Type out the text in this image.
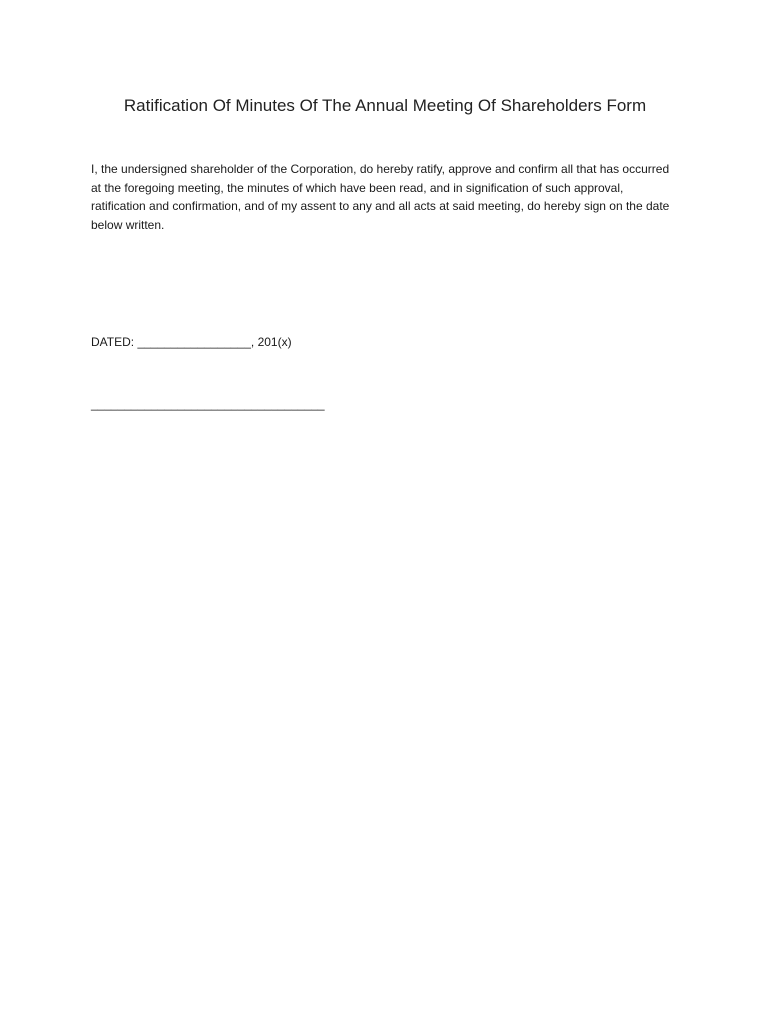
Ratification Of Minutes Of The Annual Meeting Of Shareholders Form

I, the undersigned shareholder of the Corporation, do hereby ratify, approve and confirm all that has occurred at the foregoing meeting, the minutes of which have been read, and in signification of such approval, ratification and confirmation, and of my assent to any and all acts at said meeting, do hereby sign on the date below written.

DATED: _________________, 201(x)

___________________________________
